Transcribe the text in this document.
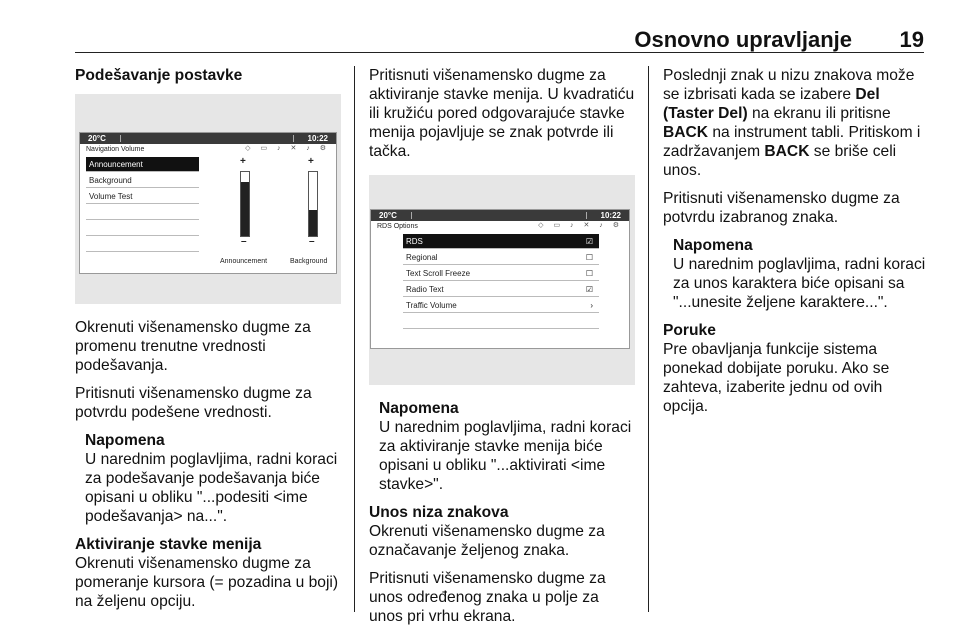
Osnovno upravljanje 19

Podešavanje postavke

20°C	10:22
Navigation Volume	◇ ▭ ♪ ✕ ♪ ⚙
Announcement
Background
Volume Test
+
–
+
–
Announcement	Background

Okrenuti višenamensko dugme za promenu trenutne vrednosti podešavanja.

Pritisnuti višenamensko dugme za potvrdu podešene vrednosti.

Napomena
U narednim poglavljima, radni koraci za podešavanje podešavanja biće opisani u obliku "...podesiti <ime podešavanja> na...".

Aktiviranje stavke menija

Okrenuti višenamensko dugme za pomeranje kursora (= pozadina u boji) na željenu opciju.

Pritisnuti višenamensko dugme za aktiviranje stavke menija. U kvadratiću ili kružiću pored odgovarajuće stavke menija pojavljuje se znak potvrde ili tačka.

20°C	10:22
RDS Options	◇ ▭ ♪ ✕ ♪ ⚙
RDS	☑
Regional	☐
Text Scroll Freeze	☐
Radio Text	☑
Traffic Volume	›
Napomena
U narednim poglavljima, radni koraci za aktiviranje stavke menija biće opisani u obliku "...aktivirati <ime stavke>".

Unos niza znakova

Okrenuti višenamensko dugme za označavanje željenog znaka.

Pritisnuti višenamensko dugme za unos određenog znaka u polje za unos pri vrhu ekrana.

Poslednji znak u nizu znakova može se izbrisati kada se izabere Del (Taster Del) na ekranu ili pritisne BACK na instrument tabli. Pritiskom i zadržavanjem BACK se briše celi unos.

Pritisnuti višenamensko dugme za potvrdu izabranog znaka.

Napomena
U narednim poglavljima, radni koraci za unos karaktera biće opisani sa "...unesite željene karaktere...".

Poruke

Pre obavljanja funkcije sistema ponekad dobijate poruku. Ako se zahteva, izaberite jednu od ovih opcija.
